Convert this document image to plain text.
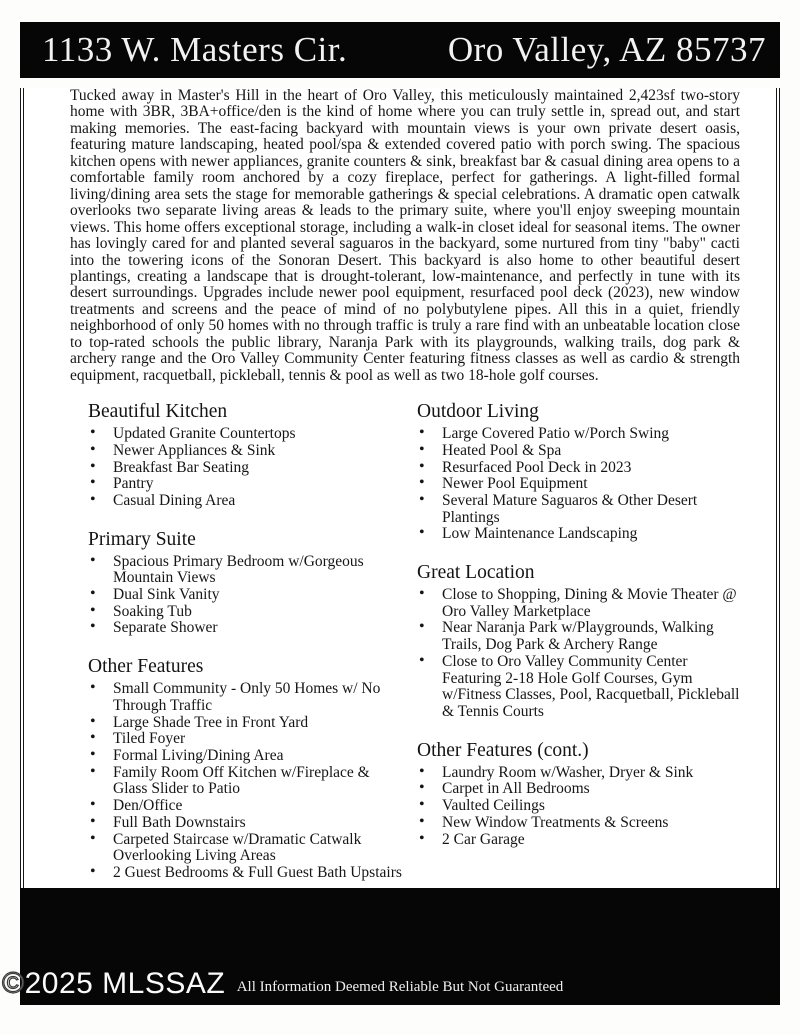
1133 W. Masters Cir.	Oro Valley, AZ 85737

Tucked away in Master's Hill in the heart of Oro Valley, this meticulously maintained 2,423sf two-story home with 3BR, 3BA+office/den is the kind of home where you can truly settle in, spread out, and start making memories. The east-facing backyard with mountain views is your own private desert oasis, featuring mature landscaping, heated pool/spa & extended covered patio with porch swing. The spacious kitchen opens with newer appliances, granite counters & sink, breakfast bar & casual dining area opens to a comfortable family room anchored by a cozy fireplace, perfect for gatherings. A light-filled formal living/dining area sets the stage for memorable gatherings & special celebrations. A dramatic open catwalk overlooks two separate living areas & leads to the primary suite, where you'll enjoy sweeping mountain views. This home offers exceptional storage, including a walk-in closet ideal for seasonal items. The owner has lovingly cared for and planted several saguaros in the backyard, some nurtured from tiny "baby" cacti into the towering icons of the Sonoran Desert. This backyard is also home to other beautiful desert plantings, creating a landscape that is drought-tolerant, low-maintenance, and perfectly in tune with its desert surroundings. Upgrades include newer pool equipment, resurfaced pool deck (2023), new window treatments and screens and the peace of mind of no polybutylene pipes. All this in a quiet, friendly neighborhood of only 50 homes with no through traffic is truly a rare find with an unbeatable location close to top-rated schools the public library, Naranja Park with its playgrounds, walking trails, dog park & archery range and the Oro Valley Community Center featuring fitness classes as well as cardio & strength equipment, racquetball, pickleball, tennis & pool as well as two 18-hole golf courses.

Beautiful Kitchen
• Updated Granite Countertops
• Newer Appliances & Sink
• Breakfast Bar Seating
• Pantry
• Casual Dining Area
Primary Suite
• Spacious Primary Bedroom w/Gorgeous Mountain Views
• Dual Sink Vanity
• Soaking Tub
• Separate Shower
Other Features
• Small Community - Only 50 Homes w/ No Through Traffic
• Large Shade Tree in Front Yard
• Tiled Foyer
• Formal Living/Dining Area
• Family Room Off Kitchen w/Fireplace & Glass Slider to Patio
• Den/Office
• Full Bath Downstairs
• Carpeted Staircase w/Dramatic Catwalk Overlooking Living Areas
• 2 Guest Bedrooms & Full Guest Bath Upstairs
Outdoor Living
• Large Covered Patio w/Porch Swing
• Heated Pool & Spa
• Resurfaced Pool Deck in 2023
• Newer Pool Equipment
• Several Mature Saguaros & Other Desert Plantings
• Low Maintenance Landscaping
Great Location
• Close to Shopping, Dining & Movie Theater @ Oro Valley Marketplace
• Near Naranja Park w/Playgrounds, Walking Trails, Dog Park & Archery Range
• Close to Oro Valley Community Center Featuring 2-18 Hole Golf Courses, Gym w/Fitness Classes, Pool, Racquetball, Pickleball & Tennis Courts
Other Features (cont.)
• Laundry Room w/Washer, Dryer & Sink
• Carpet in All Bedrooms
• Vaulted Ceilings
• New Window Treatments & Screens
• 2 Car Garage
©2025 MLSSAZ All Information Deemed Reliable But Not Guaranteed
